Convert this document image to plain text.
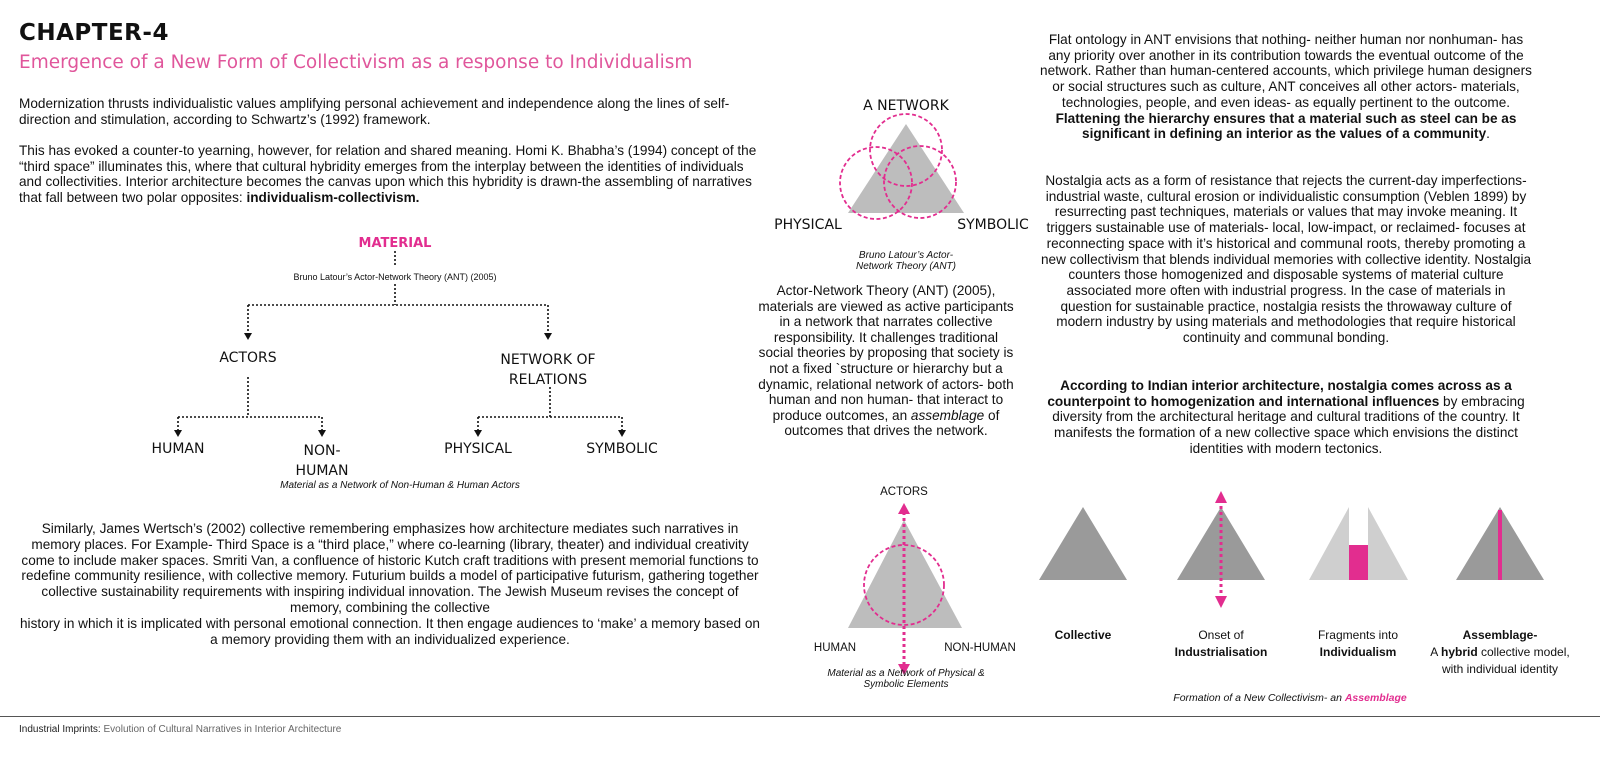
CHAPTER-4
Emergence of a New Form of Collectivism as a response to Individualism

Modernization thrusts individualistic values amplifying personal achievement and independence along the lines of self-direction and stimulation, according to Schwartz’s (1992) framework.

This has evoked a counter-to yearning, however, for relation and shared meaning. Homi K. Bhabha’s (1994) concept of the “third space” illuminates this, where that cultural hybridity emerges from the interplay between the identities of individuals and collectivities. Interior architecture becomes the canvas upon which this hybridity is drawn-the assembling of narratives that fall between two polar opposites: individualism-collectivism.

MATERIAL
Bruno Latour’s Actor-Network Theory (ANT) (2005)
ACTORS	NETWORK OF
RELATIONS
HUMAN	NON-
HUMAN
PHYSICAL	SYMBOLIC
Material as a Network of Non-Human & Human Actors
Similarly, James Wertsch’s (2002) collective remembering emphasizes how architecture mediates such narratives in memory places. For Example- Third Space is a “third place,” where co-learning (library, theater) and individual creativity come to include maker spaces. Smriti Van, a confluence of historic Kutch craft traditions with present memorial functions to redefine community resilience, with collective memory. Futurium builds a model of participative futurism, gathering together collective sustainability requirements with inspiring individual innovation. The Jewish Museum revises the concept of memory, combining the collective
history in which it is implicated with personal emotional connection. It then engage audiences to ‘make’ a memory based on a memory providing them with an individualized experience.
A NETWORK
PHYSICAL	SYMBOLIC
Bruno Latour’s Actor-
Network Theory (ANT)
Actor-Network Theory (ANT) (2005), materials are viewed as active participants in a network that narrates collective responsibility. It challenges traditional social theories by proposing that society is not a fixed `structure or hierarchy but a dynamic, relational network of actors- both human and non human- that interact to produce outcomes, an assemblage of outcomes that drives the network.
Flat ontology in ANT envisions that nothing- neither human nor nonhuman- has any priority over another in its contribution towards the eventual outcome of the network. Rather than human-centered accounts, which privilege human designers or social structures such as culture, ANT conceives all other actors- materials, technologies, people, and even ideas- as equally pertinent to the outcome. Flattening the hierarchy ensures that a material such as steel can be as significant in defining an interior as the values of a community.
Nostalgia acts as a form of resistance that rejects the current-day imperfections- industrial waste, cultural erosion or individualistic consumption (Veblen 1899) by resurrecting past techniques, materials or values that may invoke meaning. It triggers sustainable use of materials- local, low-impact, or reclaimed- focuses at reconnecting space with it’s historical and communal roots, thereby promoting a new collectivism that blends individual memories with collective identity. Nostalgia counters those homogenized and disposable systems of material culture associated more often with industrial progress. In the case of materials in question for sustainable practice, nostalgia resists the throwaway culture of modern industry by using materials and methodologies that require historical continuity and communal bonding.
According to Indian interior architecture, nostalgia comes across as a counterpoint to homogenization and international influences by embracing diversity from the architectural heritage and cultural traditions of the country. It manifests the formation of a new collective space which envisions the distinct identities with modern tectonics.
ACTORS
HUMAN	NON-HUMAN
Material as a Network of Physical &
Symbolic Elements
Collective	Onset of
Industrialisation
Fragments into
Individualism
Assemblage-
A hybrid collective model,
with individual identity
Formation of a New Collectivism- an Assemblage
Industrial Imprints: Evolution of Cultural Narratives in Interior Architecture
